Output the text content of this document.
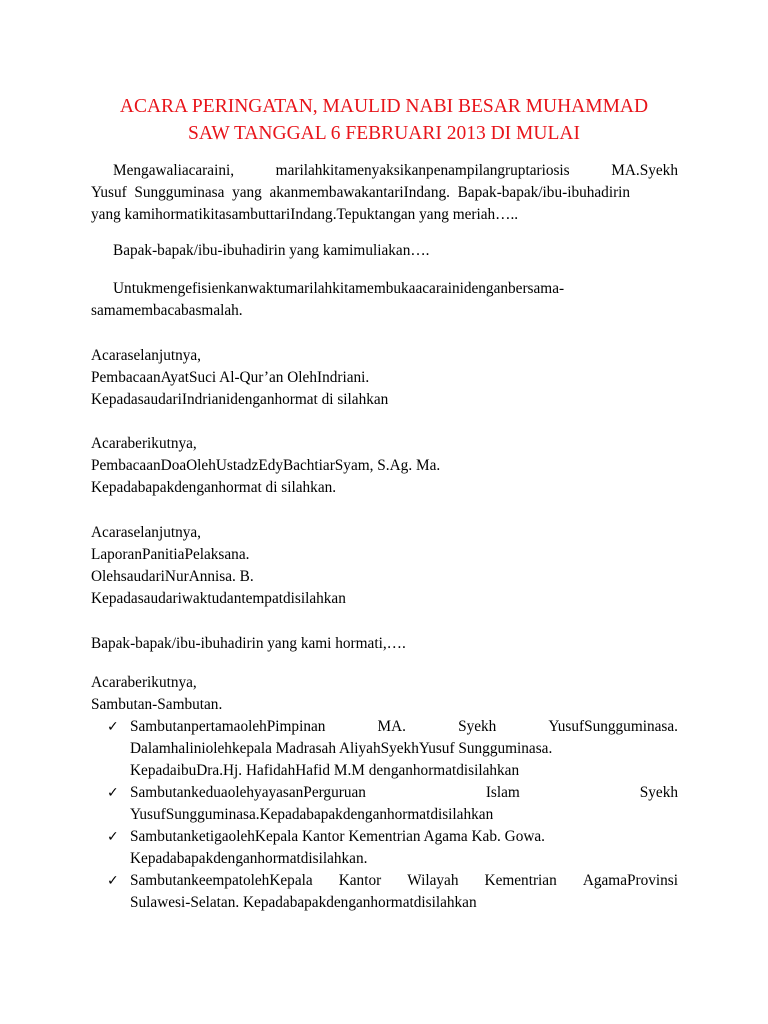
ACARA PERINGATAN, MAULID NABI BESAR MUHAMMAD
SAW TANGGAL 6 FEBRUARI 2013 DI MULAI
Mengawaliacaraini,	marilahkitamenyaksikanpenampilangruptariosis	MA.Syekh
Yusuf  Sungguminasa  yang  akanmembawakantariIndang.  Bapak-bapak/ibu-ibuhadirin
yang kamihormatikitasambuttariIndang.Tepuktangan yang meriah…..
Bapak-bapak/ibu-ibuhadirin yang kamimuliakan….
Untukmengefisienkanwaktumarilahkitamembukaacarainidenganbersama-
samamembacabasmalah.
Acaraselanjutnya,
PembacaanAyatSuci Al-Qur’an OlehIndriani.
KepadasaudariIndrianidenganhormat di silahkan
Acaraberikutnya,
PembacaanDoaOlehUstadzEdyBachtiarSyam, S.Ag. Ma.
Kepadabapakdenganhormat di silahkan.
Acaraselanjutnya,
LaporanPanitiaPelaksana.
OlehsaudariNurAnnisa. B.
Kepadasaudariwaktudantempatdisilahkan
Bapak-bapak/ibu-ibuhadirin yang kami hormati,….
Acaraberikutnya,
Sambutan-Sambutan.
✓ SambutanpertamaolehPimpinan	MA.	Syekh	YusufSungguminasa.
Dalamhaliniolehkepala Madrasah AliyahSyekhYusuf Sungguminasa.
KepadaibuDra.Hj. HafidahHafid M.M denganhormatdisilahkan
✓ SambutankeduaolehyayasanPerguruan	Islam	Syekh
YusufSungguminasa.Kepadabapakdenganhormatdisilahkan
✓ SambutanketigaolehKepala Kantor Kementrian Agama Kab. Gowa.
Kepadabapakdenganhormatdisilahkan.
✓ SambutankeempatolehKepala Kantor Wilayah Kementrian AgamaProvinsi
Sulawesi-Selatan. Kepadabapakdenganhormatdisilahkan
